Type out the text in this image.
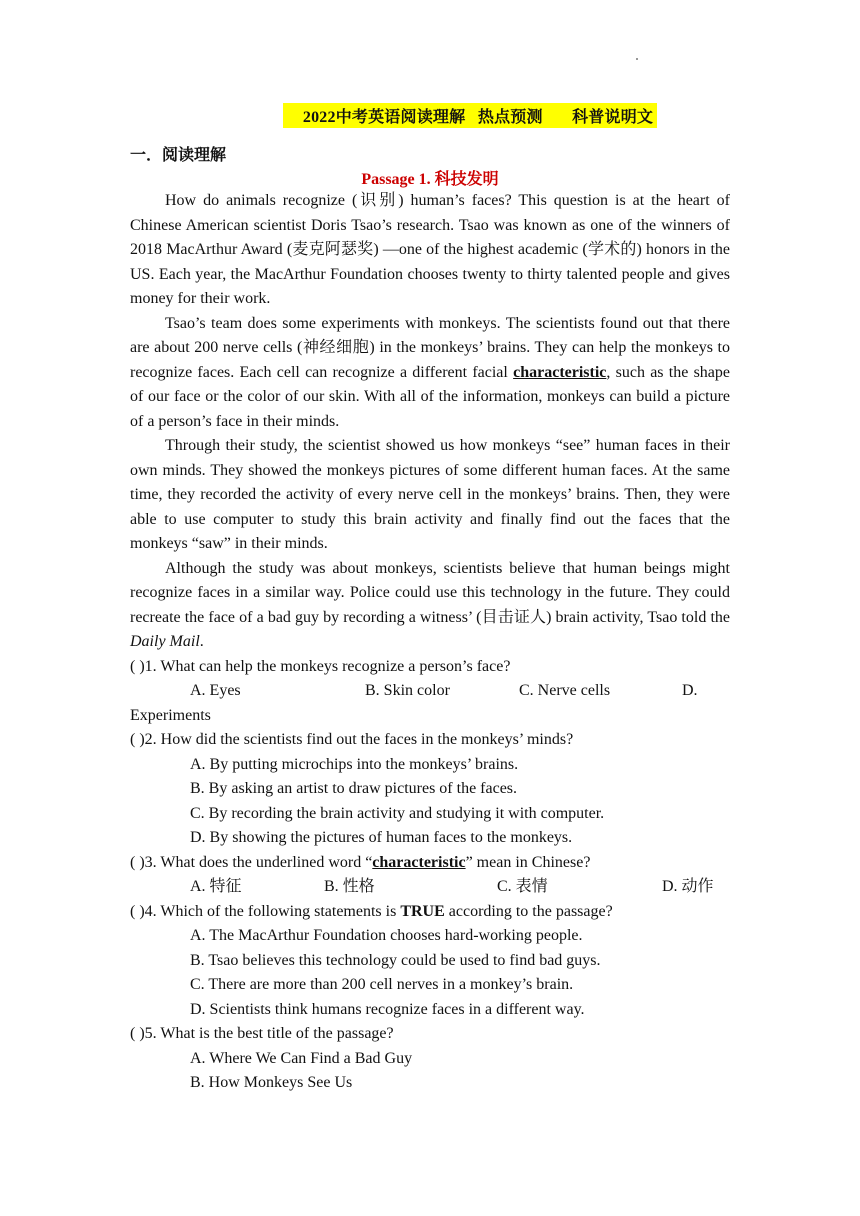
2022中考英语阅读理解   热点预测       科普说明文
一．阅读理解
Passage 1. 科技发明

How do animals recognize (识别) human’s faces? This question is at the heart of Chinese American scientist Doris Tsao’s research. Tsao was known as one of the winners of 2018 MacArthur Award (麦克阿瑟奖) —one of the highest academic (学术的) honors in the US. Each year, the MacArthur Foundation chooses twenty to thirty talented people and gives money for their work.

Tsao’s team does some experiments with monkeys. The scientists found out that there are about 200 nerve cells (神经细胞) in the monkeys’ brains. They can help the monkeys to recognize faces. Each cell can recognize a different facial characteristic, such as the shape of our face or the color of our skin. With all of the information, monkeys can build a picture of a person’s face in their minds.

Through their study, the scientist showed us how monkeys “see” human faces in their own minds. They showed the monkeys pictures of some different human faces. At the same time, they recorded the activity of every nerve cell in the monkeys’ brains. Then, they were able to use computer to study this brain activity and finally find out the faces that the monkeys “saw” in their minds.

Although the study was about monkeys, scientists believe that human beings might recognize faces in a similar way. Police could use this technology in the future. They could recreate the face of a bad guy by recording a witness’ (目击证人) brain activity, Tsao told the Daily Mail.

( )1. What can help the monkeys recognize a person’s face?

A. Eyes	B. Skin color	C. Nerve cells	D.

Experiments

( )2. How did the scientists find out the faces in the monkeys’ minds?

A. By putting microchips into the monkeys’ brains.

B. By asking an artist to draw pictures of the faces.

C. By recording the brain activity and studying it with computer.

D. By showing the pictures of human faces to the monkeys.

( )3. What does the underlined word “characteristic” mean in Chinese?

A. 特征	B. 性格	C. 表情	D. 动作

( )4. Which of the following statements is TRUE according to the passage?

A. The MacArthur Foundation chooses hard-working people.

B. Tsao believes this technology could be used to find bad guys.

C. There are more than 200 cell nerves in a monkey’s brain.

D. Scientists think humans recognize faces in a different way.

( )5. What is the best title of the passage?

A. Where We Can Find a Bad Guy

B. How Monkeys See Us
